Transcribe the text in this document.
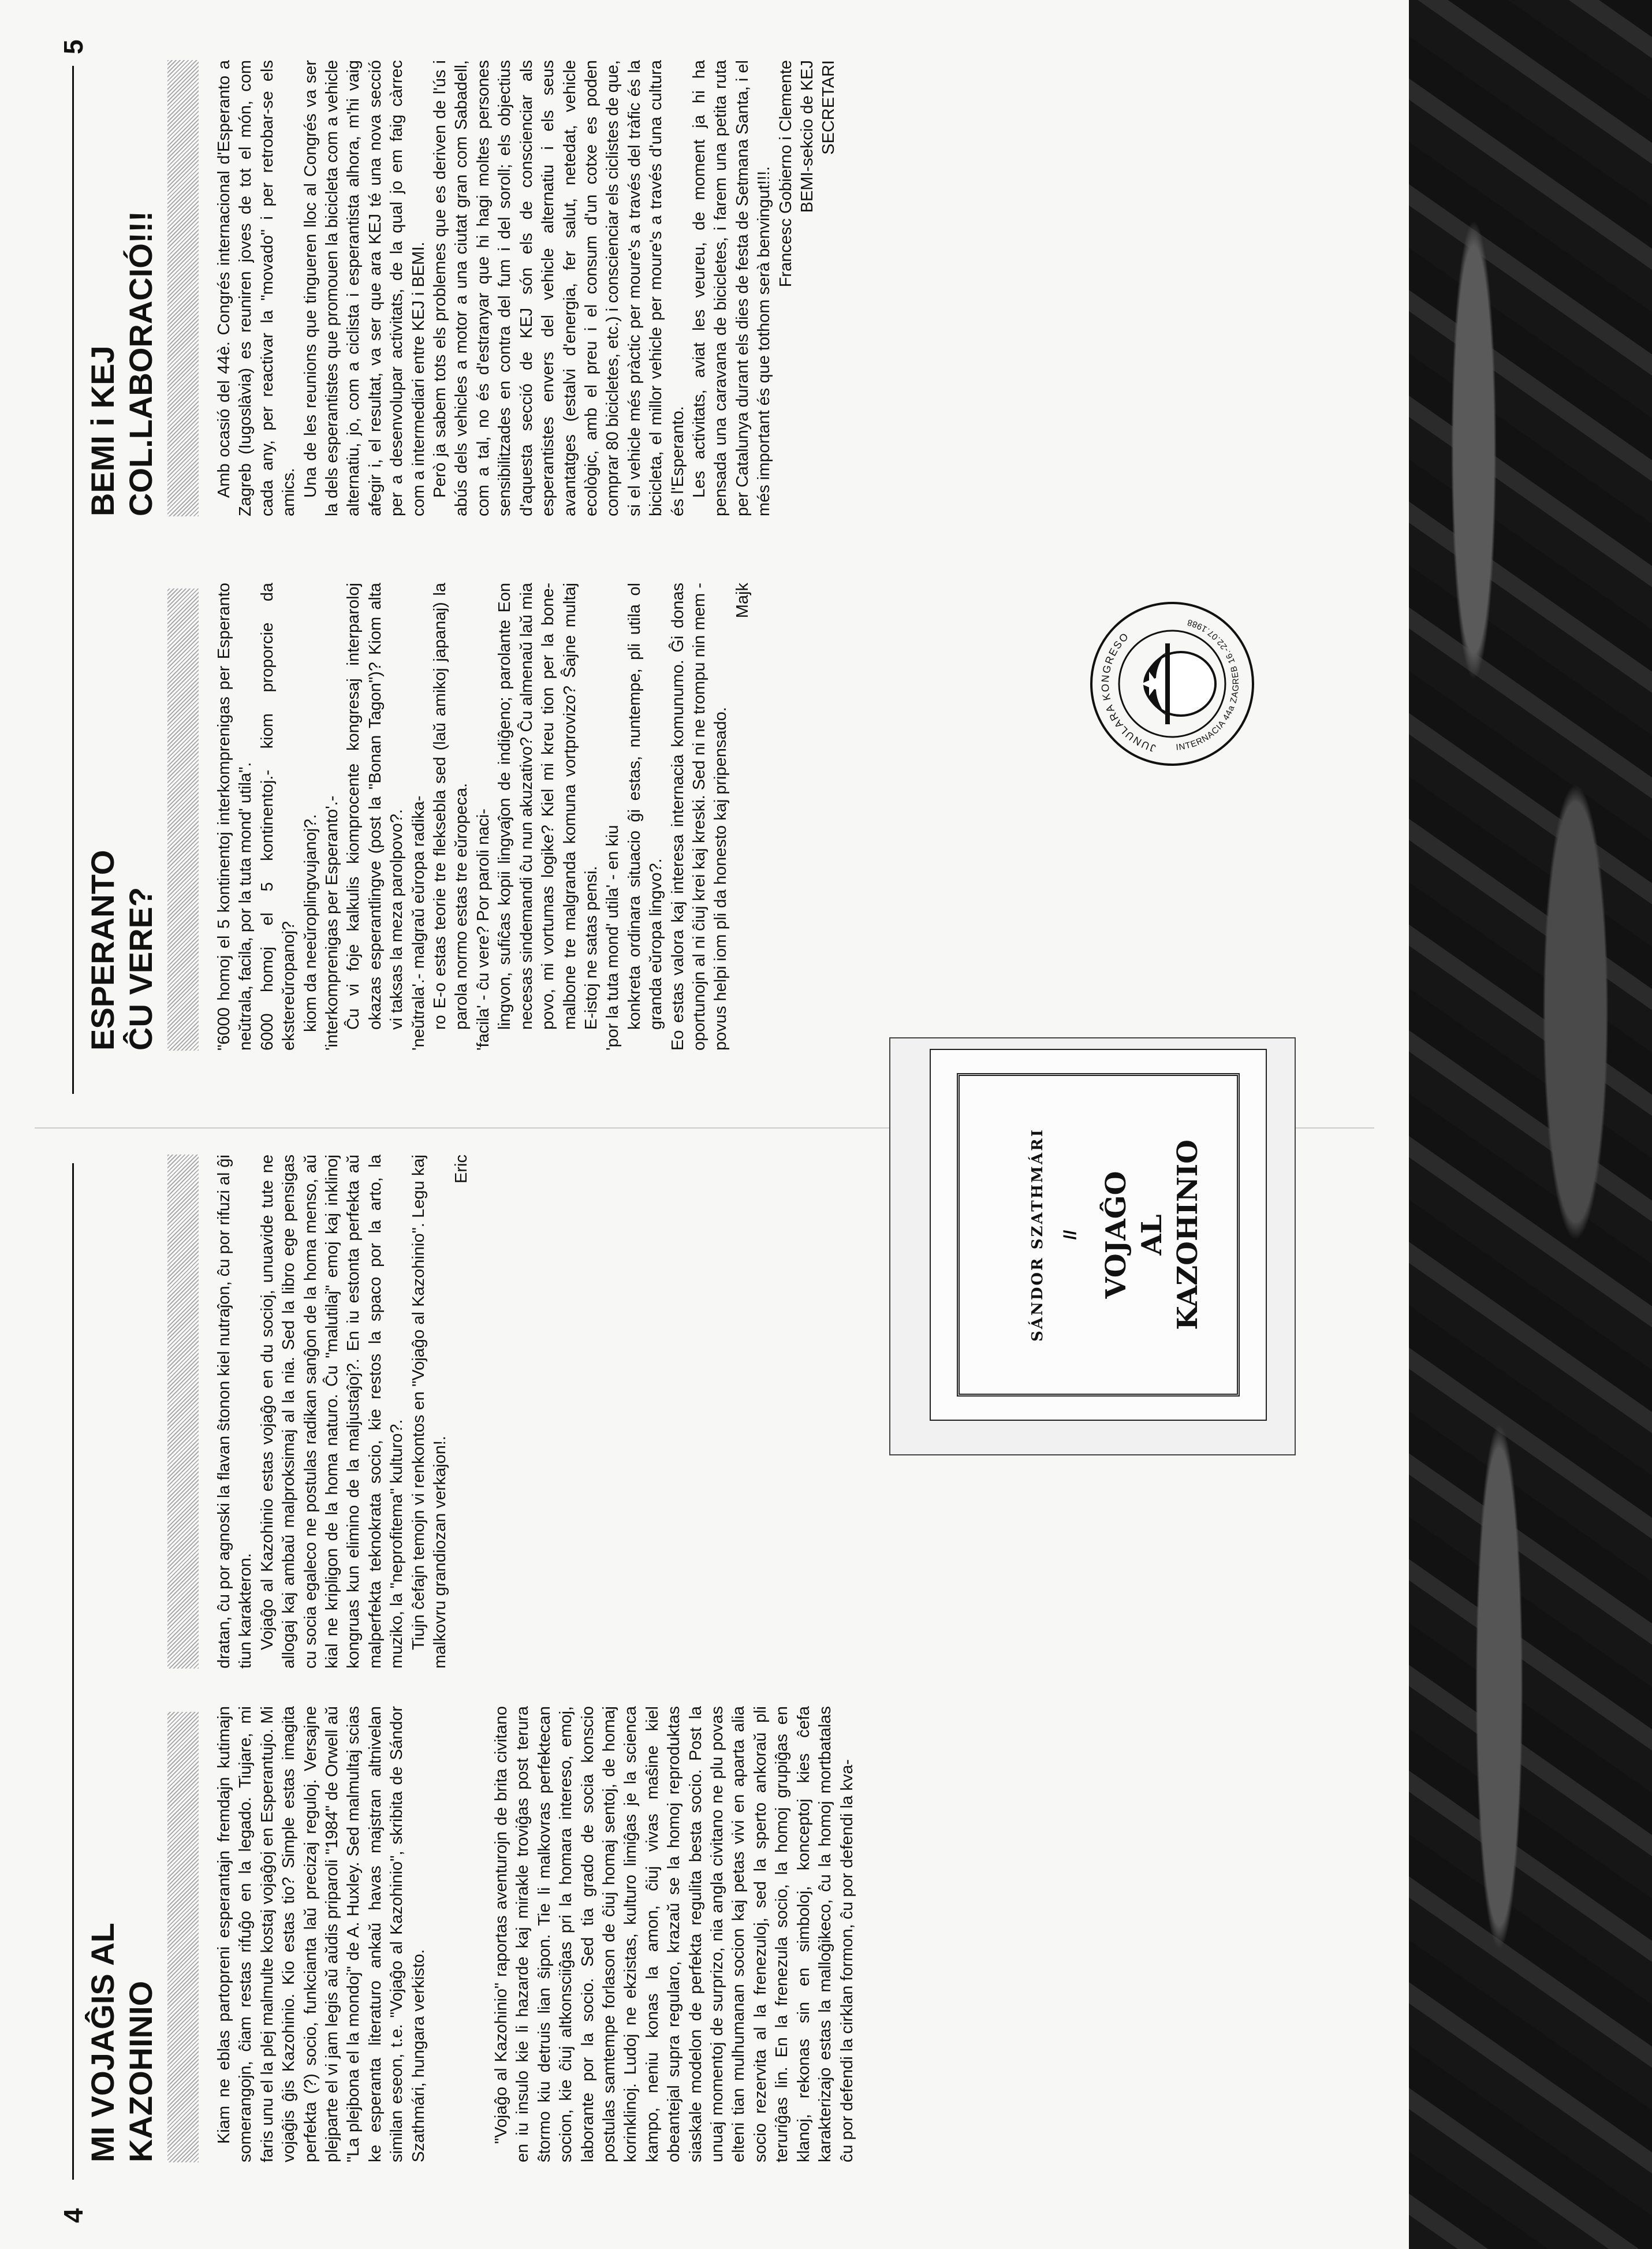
4
5
MI VOJAĜIS AL
KAZOHINIO	Kiam ne eblas partopreni esperantajn fremdajn kutimajn somerangojn, ĉiam restas rifuĝo en la legado. Tiujare, mi faris unu el la plej malmulte kostaj vojaĝoj en Esperantujo. Mi vojaĝis ĝis Kazohinio. Kio estas tio? Simple estas imagita perfekta (?) socio, funkcianta laŭ precizaj reguloj. Versajne plejparte el vi jam legis aŭ aŭdis priparoli "1984" de Orwell aŭ "La plejbona el la mondoj" de A. Huxley. Sed malmultaj scias ke esperanta literaturo ankaŭ havas majstran altnivelan similan eseon, t.e. "Vojaĝo al Kazohinio", skribita de Sándor Szathmári, hungara verkisto.	"Vojaĝo al Kazohinio" raportas aventurojn de brita civitano en iu insulo kie li hazarde kaj mirakle troviĝas post terura ŝtormo kiu detruis lian ŝipon. Tie li malkovras perfektecan socion, kie ĉiuj altkonsciiĝas pri la homara intereso, emoj, laborante por la socio. Sed tia grado de socia konscio postulas samtempe forlason de ĉiuj homaj sentoj, de homaj korinklinoj. Ludoj ne ekzistas, kulturo limiĝas je la scienca kampo, neniu konas la amon, ĉiuj vivas maŝine kiel obeantejal supra regularo, krazaŭ se la homoj reproduktas siaskale modelon de perfekta regulita besta socio. Post la unuaj momentoj de surprizo, nia angla civitano ne plu povas elteni tian mulhumanan socion kaj petas vivi en aparta alia socio rezervita al la frenezuloj, sed la sperto ankoraŭ pli teruriĝas lin. En la frenezula socio, la homoj grupiĝas en klanoj, rekonas sin en simboloj, konceptoj kies ĉefa karakterizajo estas la malloĝikeco, ĉu la homoj mortbatalas ĉu por defendi la cirklan formon, ĉu por defendi la kva-

dratan, ĉu por agnoski la flavan ŝtonon kiel nutraĵon, ĉu por rifuzi al ĝi tiun karakteron. Vojaĝo al Kazohinio estas vojaĝo en du socioj, unuavide tute ne allogaj kaj ambaŭ malproksimaj al la nia. Sed la libro ege pensigas cu socia egaleco ne postulas radikan sanĝon de la homa menso, aŭ kial ne kripligon de la homa naturo. Ĉu "malutilaj" emoj kaj inklinoj kongruas kun elimino de la maljustaĵoj?. En iu estonta perfekta aŭ malperfekta teknokrata socio, kie restos la spaco por la arto, la muziko, la "neprofitema" kulturo?. Tiujn ĉefajn temojn vi renkontos en "Vojaĝo al Kazohinio". Legu kaj malkovru grandiozan verkajon!.

Eric

ESPERANTO
ĈU VERE?	"6000 homoj el 5 kontinentoj interkomprenigas per Esperanto neŭtrala, facila, por la tuta mond' utila". 6000 homoj el 5 kontinentoj.- kiom proporcie da ekstereŭropanoj? kiom da neeŭroplingvujanoj?. 'interkomprenigas per Esperanto'.- Ĉu vi foje kalkulis kiomprocente kongresaj interparoloj okazas esperantlingve (post la "Bonan Tagon")? Kiom alta vi taksas la meza parolpovo?. 'neŭtrala'.- malgraŭ eŭropa radika- ro E-o estas teorie tre fleksebla sed (laŭ amikoj japanaj) la parola normo estas tre eŭropeca. 'facila' - ĉu vere? Por paroli naci- lingvon, sufiĉas kopii lingvaĵon de indiĝeno; parolante Eon necesas sindemandi ĉu nun akuzativo? Ĉu almenaŭ laŭ mia povo, mi vortumas logike? Kiel mi kreu tion per la bone-malbone tre malgranda komuna vortprovizo? Ŝajne multaj E-istoj ne satas pensi. 'por la tuta mond' utila' - en kiu konkreta ordinara situacio ĝi estas, nuntempe, pli utila ol granda eŭropa lingvo?. Eo estas valora kaj interesa internacia komunumo. Ĝi donas oportunojn al ni ĉiuj krei kaj kreski. Sed ni ne trompu nin mem - povus helpi iom pli da honesto kaj pripensado.

Majk

JUNULARA KONGRESO
INTERNACIA 44a ZAGREB 16.-22.07.1988
BEMI i KEJ
COL.LABORACIÓ!!!	Amb ocasió del 44è. Congrés internacional d'Esperanto a Zagreb (Iugoslàvia) es reuniren joves de tot el món, com cada any, per reactivar la "movado" i per retrobar-se els amics. Una de les reunions que tingueren lloc al Congrés va ser la dels esperantistes que promouen la bicicleta com a vehicle alternatiu, jo, com a ciclista i esperantista alhora, m'hi vaig afegir i, el resultat, va ser que ara KEJ té una nova secció per a desenvolupar activitats, de la qual jo em faig càrrec com a intermediari entre KEJ i BEMI. Però ja sabem tots els problemes que es deriven de l'ús i abús dels vehicles a motor a una ciutat gran com Sabadell, com a tal, no és d'estranyar que hi hagi moltes persones sensibilitzades en contra del fum i del soroll; els objectius d'aquesta secció de KEJ són els de conscienciar als esperantistes envers del vehicle alternatiu i els seus avantatges (estalvi d'energia, fer salut, netedat, vehicle ecològic, amb el preu i el consum d'un cotxe es poden comprar 80 bicicletes, etc.) i conscienciar els ciclistes de que, si el vehicle més pràctic per moure's a través del tràfic és la bicicleta, el millor vehicle per moure's a través d'una cultura és l'Esperanto. Les activitats, aviat les veureu, de moment ja hi ha pensada una caravana de bicicletes, i farem una petita ruta per Catalunya durant els dies de festa de Setmana Santa, i el més important és que tothom serà benvingut!!!. Francesc Gobierno i Clemente BEMI-sekcio de KEJ SECRETARI

SÁNDOR SZATHMÁRI // VOJAĜO
AL
KAZOHINIO
